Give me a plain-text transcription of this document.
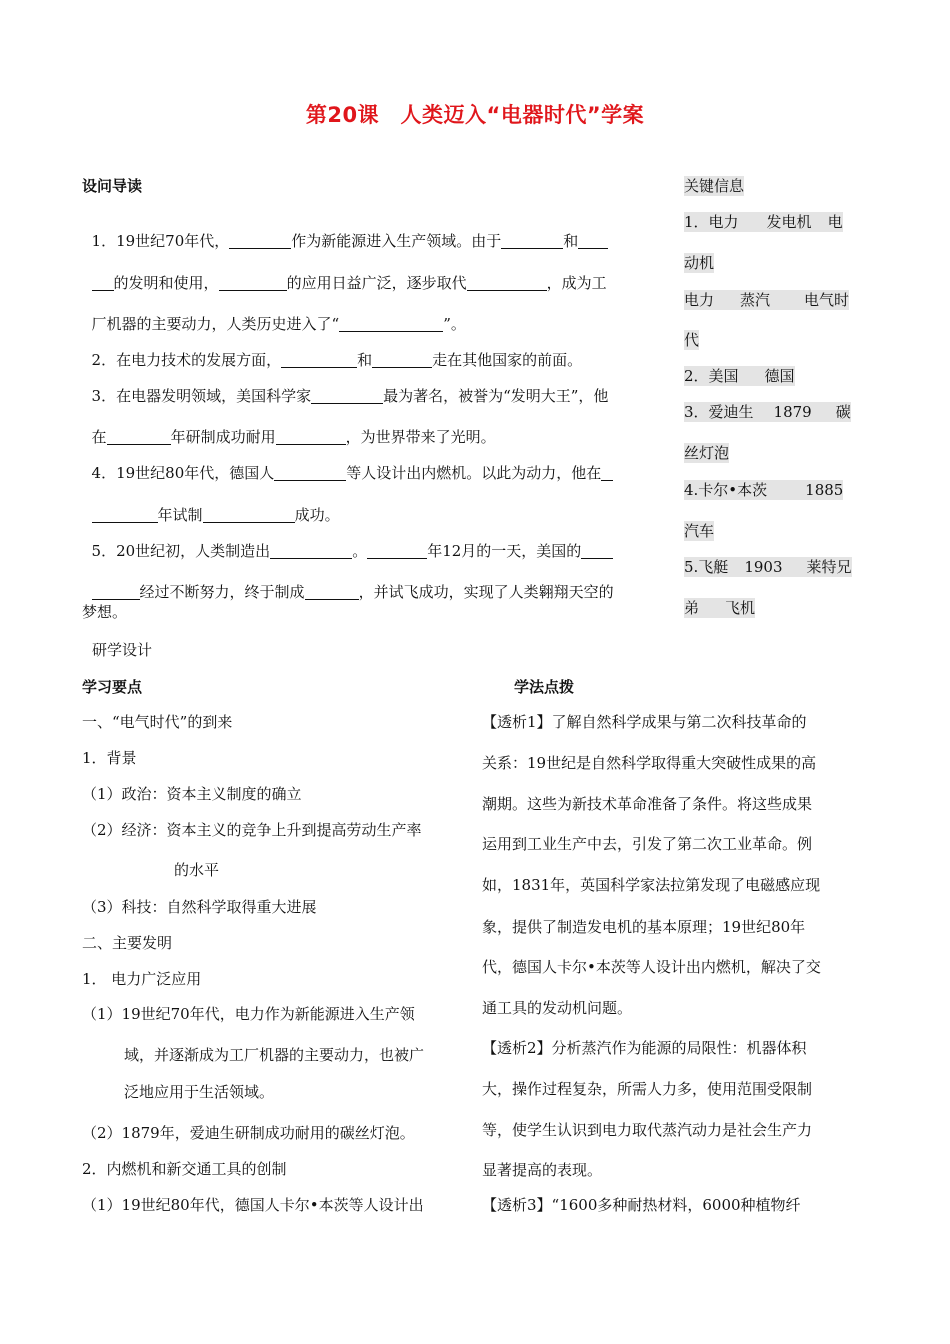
第20课　人类迈入“电器时代”学案
设问导读

1．19世纪70年代，	作为新能源进入生产领域。由于	和

的发明和使用，	的应用日益广泛，逐步取代	，成为工

厂机器的主要动力，人类历史进入了“	”。

2．在电力技术的发展方面，	和	走在其他国家的前面。

3．在电器发明领域，美国科学家	最为著名，被誉为“发明大王”，他

在	年研制成功耐用	，为世界带来了光明。

4．19世纪80年代，德国人	等人设计出内燃机。以此为动力，他在

年试制	成功。

5．20世纪初，人类制造出	。	年12月的一天，美国的

经过不断努力，终于制成	，并试飞成功，实现了人类翱翔天空的

梦想。
关键信息
1．电力 发电机 电
动机
电力 蒸汽 电气时
代
2．美国 德国
3．爱迪生 1879 碳
丝灯泡
4.卡尔•本茨	1885
汽车
5.飞艇 1903 莱特兄
弟 飞机
研学设计
学习要点
一、“电气时代”的到来
1．背景
（1）政治：资本主义制度的确立
（2）经济：资本主义的竞争上升到提高劳动生产率
的水平
（3）科技：自然科学取得重大进展
二、主要发明
1． 电力广泛应用
（1）19世纪70年代，电力作为新能源进入生产领
域，并逐渐成为工厂机器的主要动力，也被广
泛地应用于生活领域。
（2）1879年，爱迪生研制成功耐用的碳丝灯泡。
2．内燃机和新交通工具的创制
（1）19世纪80年代，德国人卡尔•本茨等人设计出
学法点拨
【透析1】了解自然科学成果与第二次科技革命的
关系：19世纪是自然科学取得重大突破性成果的高
潮期。这些为新技术革命准备了条件。将这些成果
运用到工业生产中去，引发了第二次工业革命。例
如，1831年，英国科学家法拉第发现了电磁感应现
象，提供了制造发电机的基本原理；19世纪80年
代，德国人卡尔•本茨等人设计出内燃机，解决了交
通工具的发动机问题。
【透析2】分析蒸汽作为能源的局限性：机器体积
大，操作过程复杂，所需人力多，使用范围受限制
等，使学生认识到电力取代蒸汽动力是社会生产力
显著提高的表现。
【透析3】“1600多种耐热材料，6000种植物纤
